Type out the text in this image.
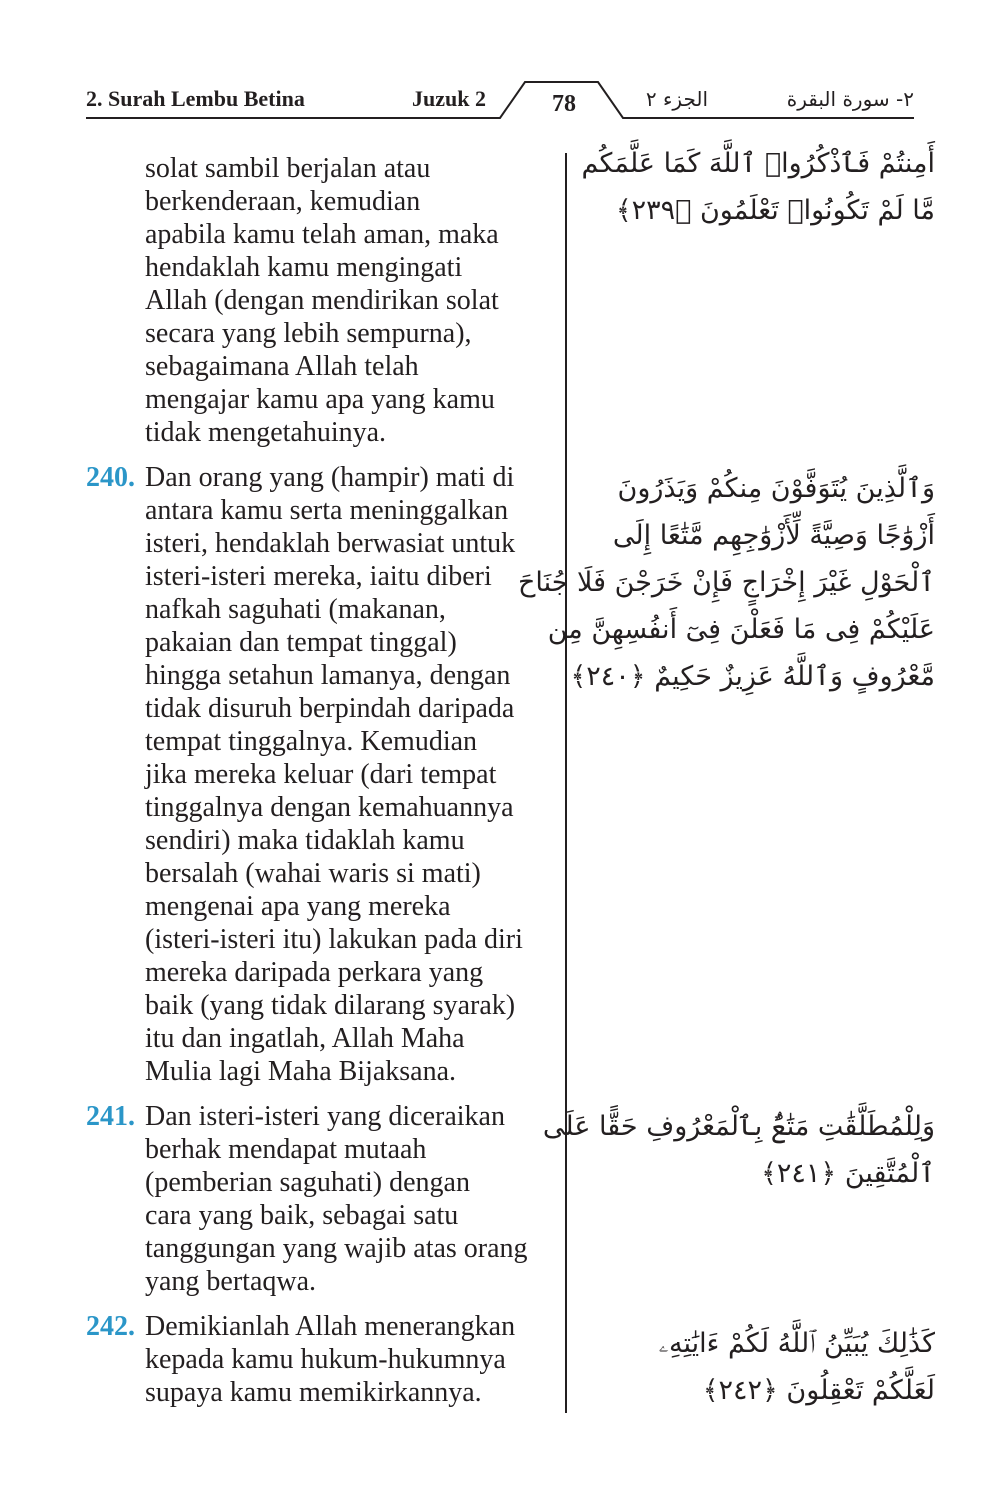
2. Surah Lembu Betina	Juzuk 2	78	الجزء ٢	٢- سورة البقرة
solat sambil berjalan atau
berkenderaan, kemudian
apabila kamu telah aman, maka
hendaklah kamu mengingati
Allah (dengan mendirikan solat
secara yang lebih sempurna),
sebagaimana Allah telah
mengajar kamu apa yang kamu
tidak mengetahuinya.
240. Dan orang yang (hampir) mati di
antara kamu serta meninggalkan
isteri, hendaklah berwasiat untuk
isteri-isteri mereka, iaitu diberi
nafkah saguhati (makanan,
pakaian dan tempat tinggal)
hingga setahun lamanya, dengan
tidak disuruh berpindah daripada
tempat tinggalnya. Kemudian
jika mereka keluar (dari tempat
tinggalnya dengan kemahuannya
sendiri) maka tidaklah kamu
bersalah (wahai waris si mati)
mengenai apa yang mereka
(isteri-isteri itu) lakukan pada diri
mereka daripada perkara yang
baik (yang tidak dilarang syarak)
itu dan ingatlah, Allah Maha
Mulia lagi Maha Bijaksana.
241. Dan isteri-isteri yang diceraikan
berhak mendapat mutaah
(pemberian saguhati) dengan
cara yang baik, sebagai satu
tanggungan yang wajib atas orang
yang bertaqwa.
242. Demikianlah Allah menerangkan
kepada kamu hukum-hukumnya
supaya kamu memikirkannya.
أَمِنتُمْ فَٱذْكُرُوا۟ ٱللَّهَ كَمَا عَلَّمَكُم
مَّا لَمْ تَكُونُوا۟ تَعْلَمُونَ ﴿٢٣٩﴾
وَٱلَّذِينَ يُتَوَفَّوْنَ مِنكُمْ وَيَذَرُونَ
أَزْوَٰجًا وَصِيَّةً لِّأَزْوَٰجِهِم مَّتَٰعًا إِلَى
ٱلْحَوْلِ غَيْرَ إِخْرَاجٍ فَإِنْ خَرَجْنَ فَلَا جُنَاحَ
عَلَيْكُمْ فِى مَا فَعَلْنَ فِىٓ أَنفُسِهِنَّ مِن
مَّعْرُوفٍ وَٱللَّهُ عَزِيزٌ حَكِيمٌ ﴿٢٤٠﴾
وَلِلْمُطَلَّقَٰتِ مَتَٰعٌۢ بِٱلْمَعْرُوفِ حَقًّا عَلَى
ٱلْمُتَّقِينَ ﴿٢٤١﴾
كَذَٰلِكَ يُبَيِّنُ ٱللَّهُ لَكُمْ ءَايَٰتِهِۦ
لَعَلَّكُمْ تَعْقِلُونَ ﴿٢٤٢﴾
